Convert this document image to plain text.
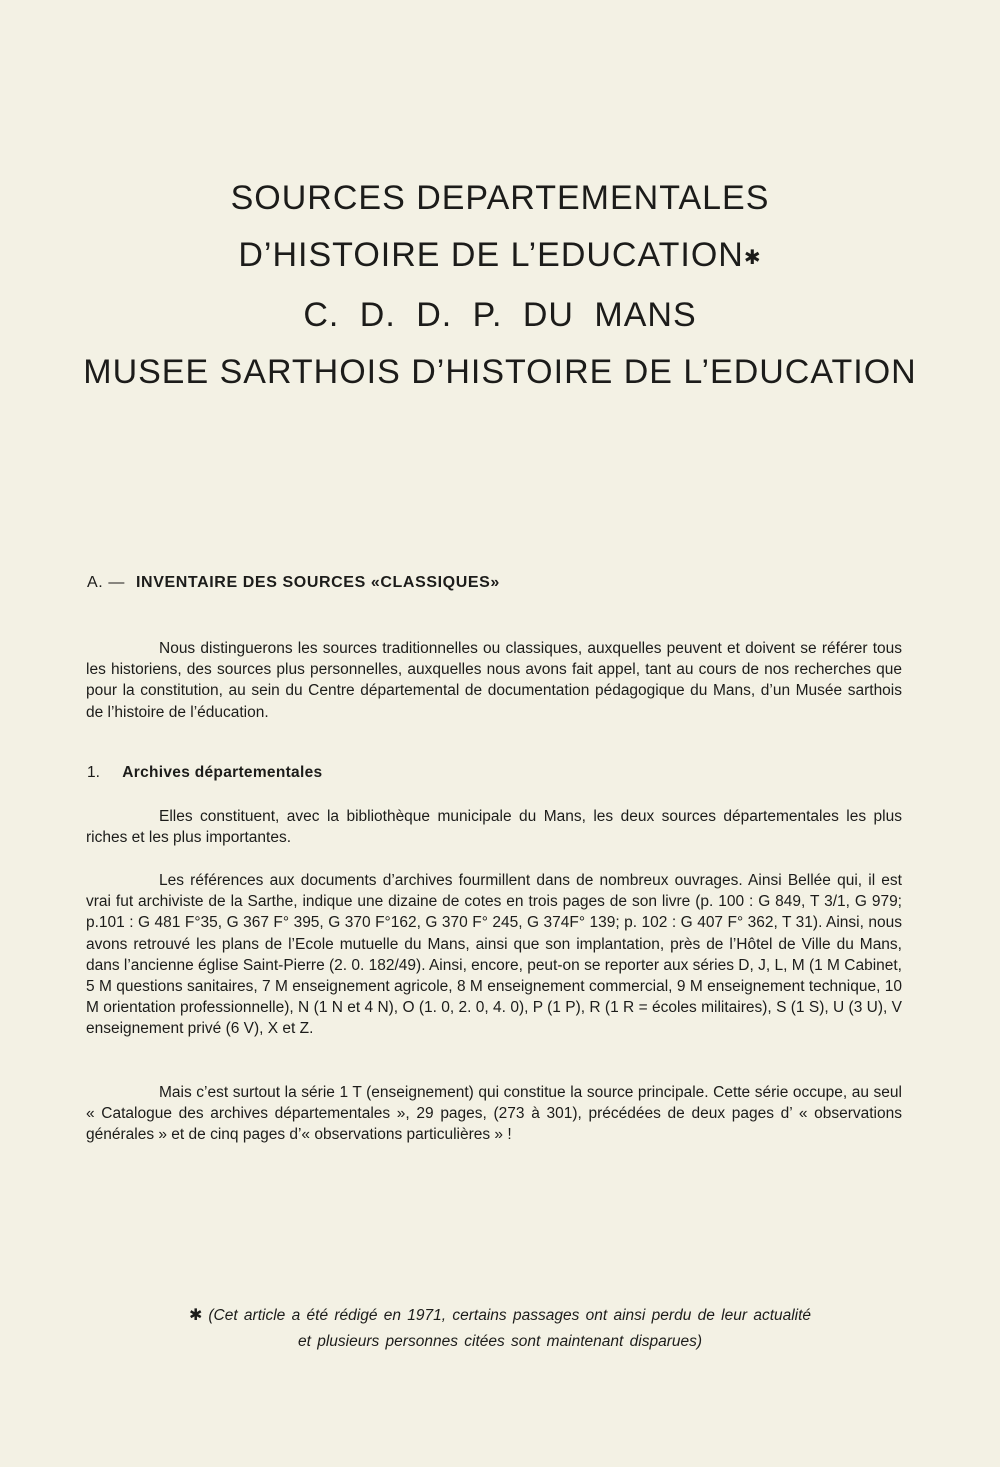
SOURCES DEPARTEMENTALES
D’HISTOIRE DE L’EDUCATION✱
C. D. D. P. DU MANS
MUSEE SARTHOIS D’HISTOIRE DE L’EDUCATION
A. — INVENTAIRE DES SOURCES «CLASSIQUES»

Nous distinguerons les sources traditionnelles ou classiques, auxquelles peuvent et doivent se référer tous les historiens, des sources plus personnelles, auxquelles nous avons fait appel, tant au cours de nos recherches que pour la constitution, au sein du Centre départemental de documentation pédagogique du Mans, d’un Musée sarthois de l’histoire de l’éducation.

1. Archives départementales

Elles constituent, avec la bibliothèque municipale du Mans, les deux sources départementales les plus riches et les plus importantes.

Les références aux documents d’archives fourmillent dans de nombreux ouvrages. Ainsi Bellée qui, il est vrai fut archiviste de la Sarthe, indique une dizaine de cotes en trois pages de son livre (p. 100 : G 849, T 3/1, G 979; p.101 : G 481 F°35, G 367 F° 395, G 370 F°162, G 370 F° 245, G 374F° 139; p. 102 : G 407 F° 362, T 31). Ainsi, nous avons retrouvé les plans de l’Ecole mutuelle du Mans, ainsi que son implantation, près de l’Hôtel de Ville du Mans, dans l’ancienne église Saint-Pierre (2. 0. 182/49). Ainsi, encore, peut-on se reporter aux séries D, J, L, M (1 M Cabinet, 5 M questions sanitaires, 7 M enseignement agricole, 8 M enseignement commercial, 9 M enseignement technique, 10 M orientation professionnelle), N (1 N et 4 N), O (1. 0, 2. 0, 4. 0), P (1 P), R (1 R = écoles militaires), S (1 S), U (3 U), V enseignement privé (6 V), X et Z.

Mais c’est surtout la série 1 T (enseignement) qui constitue la source principale. Cette série occupe, au seul « Catalogue des archives départementales », 29 pages, (273 à 301), précédées de deux pages d’ « observations générales » et de cinq pages d’« observations particulières » !

✱ (Cet article a été rédigé en 1971, certains passages ont ainsi perdu de leur actualité
et plusieurs personnes citées sont maintenant disparues)
